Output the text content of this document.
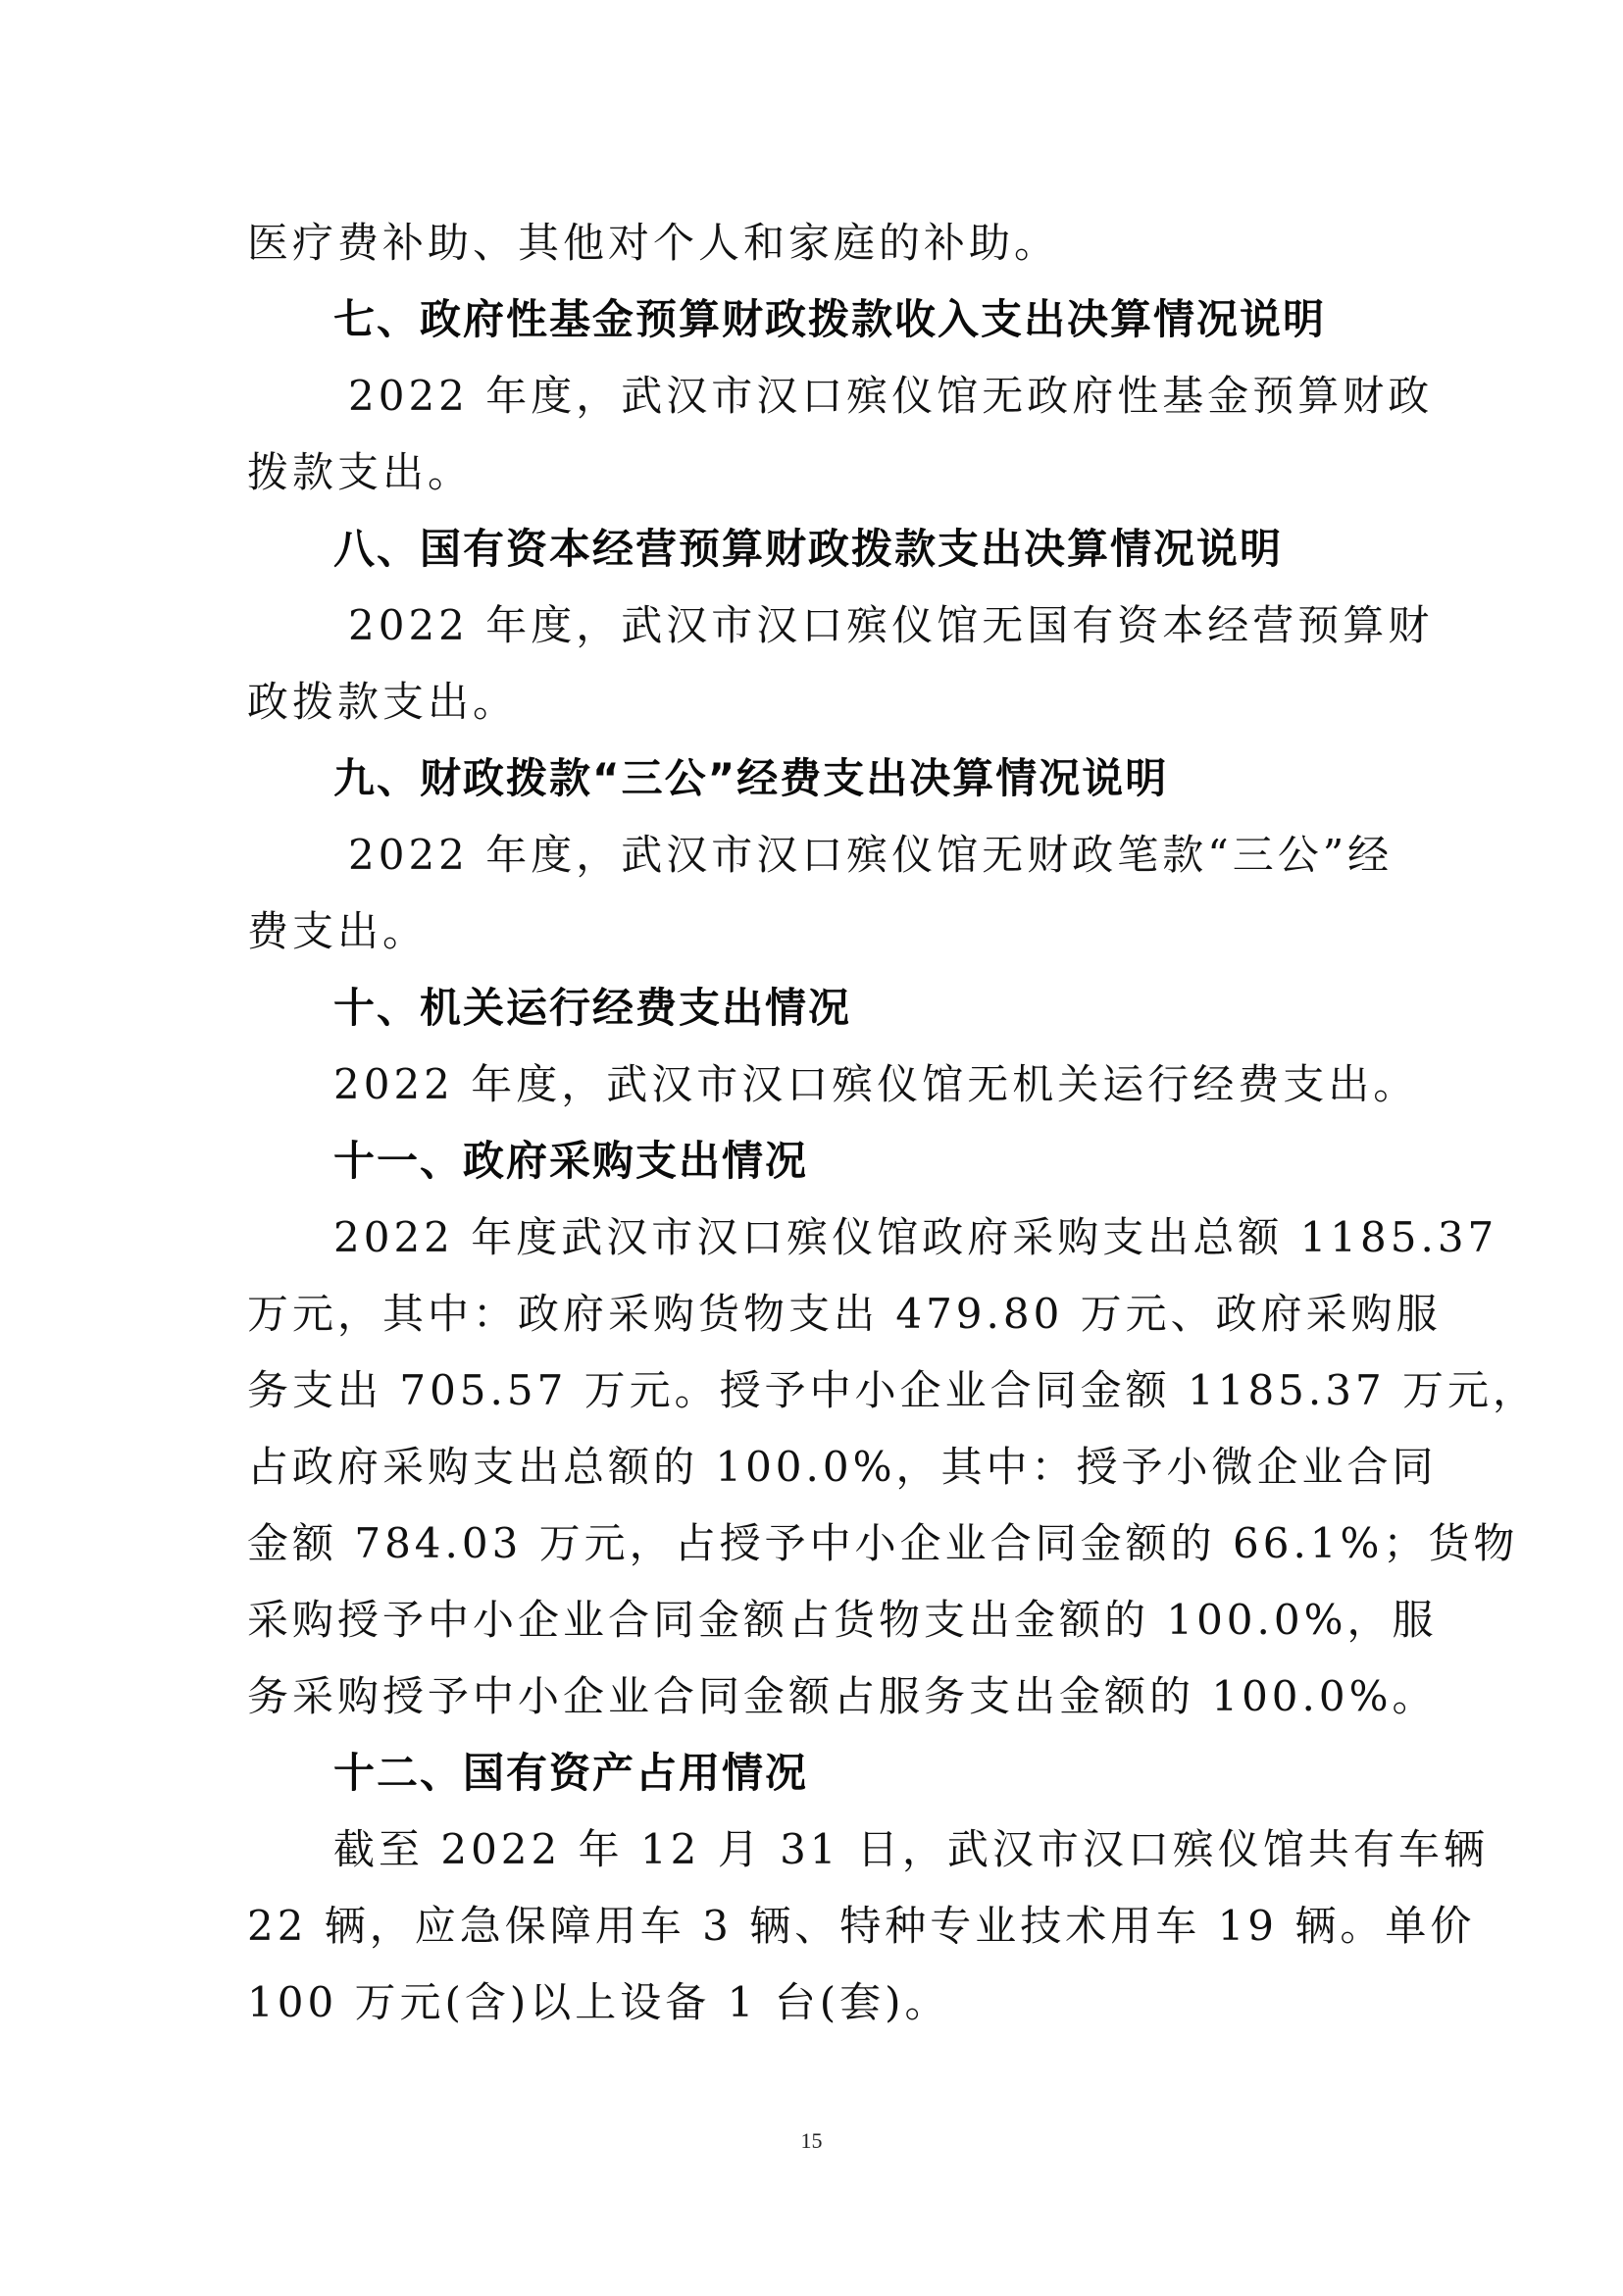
医疗费补助、其他对个人和家庭的补助。
七、政府性基金预算财政拨款收入支出决算情况说明
2022 年度，武汉市汉口殡仪馆无政府性基金预算财政
拨款支出。
八、国有资本经营预算财政拨款支出决算情况说明
2022 年度，武汉市汉口殡仪馆无国有资本经营预算财
政拨款支出。
九、财政拨款“三公”经费支出决算情况说明
2022 年度，武汉市汉口殡仪馆无财政笔款“三公”经
费支出。
十、机关运行经费支出情况
2022 年度，武汉市汉口殡仪馆无机关运行经费支出。
十一、政府采购支出情况
2022 年度武汉市汉口殡仪馆政府采购支出总额 1185.37
万元，其中：政府采购货物支出 479.80 万元、政府采购服
务支出 705.57 万元。授予中小企业合同金额 1185.37 万元，
占政府采购支出总额的 100.0%，其中：授予小微企业合同
金额 784.03 万元，占授予中小企业合同金额的 66.1%；货物
采购授予中小企业合同金额占货物支出金额的 100.0%，服
务采购授予中小企业合同金额占服务支出金额的 100.0%。
十二、国有资产占用情况
截至 2022 年 12 月 31 日，武汉市汉口殡仪馆共有车辆
22 辆，应急保障用车 3 辆、特种专业技术用车 19 辆。单价
100 万元(含)以上设备 1 台(套)。
15
